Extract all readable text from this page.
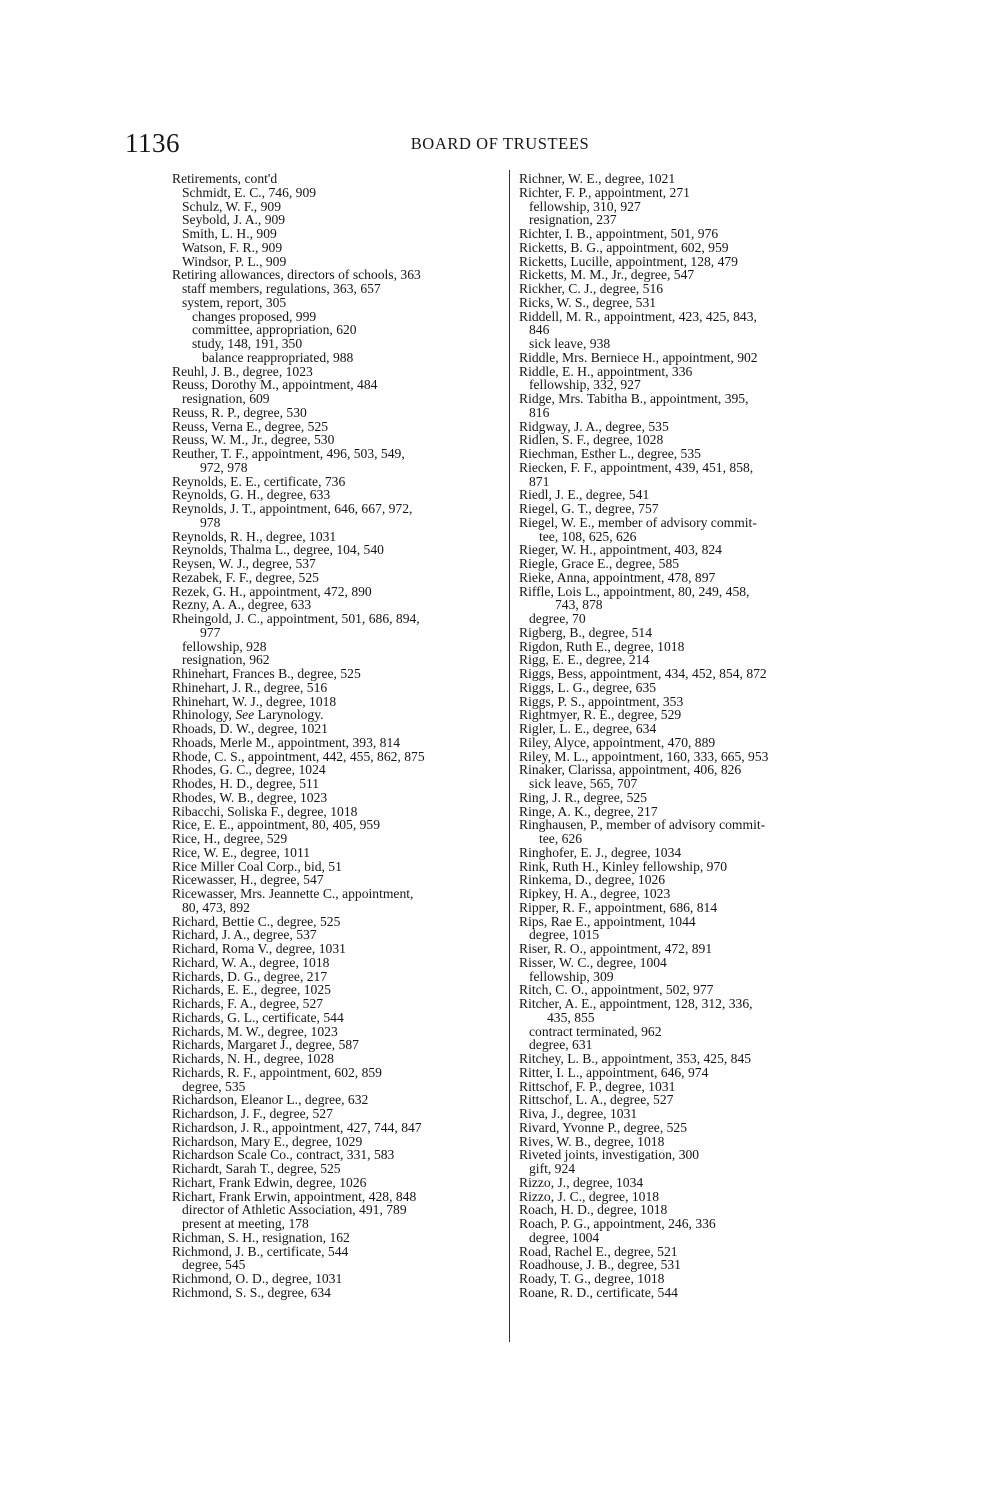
1136	BOARD OF TRUSTEES
Retirements, cont'd
Schmidt, E. C., 746, 909
Schulz, W. F., 909
Seybold, J. A., 909
Smith, L. H., 909
Watson, F. R., 909
Windsor, P. L., 909
Retiring allowances, directors of schools, 363
staff members, regulations, 363, 657
system, report, 305
changes proposed, 999
committee, appropriation, 620
study, 148, 191, 350
balance reappropriated, 988
Reuhl, J. B., degree, 1023
Reuss, Dorothy M., appointment, 484
resignation, 609
Reuss, R. P., degree, 530
Reuss, Verna E., degree, 525
Reuss, W. M., Jr., degree, 530
Reuther, T. F., appointment, 496, 503, 549,
972, 978
Reynolds, E. E., certificate, 736
Reynolds, G. H., degree, 633
Reynolds, J. T., appointment, 646, 667, 972,
978
Reynolds, R. H., degree, 1031
Reynolds, Thalma L., degree, 104, 540
Reysen, W. J., degree, 537
Rezabek, F. F., degree, 525
Rezek, G. H., appointment, 472, 890
Rezny, A. A., degree, 633
Rheingold, J. C., appointment, 501, 686, 894,
977
fellowship, 928
resignation, 962
Rhinehart, Frances B., degree, 525
Rhinehart, J. R., degree, 516
Rhinehart, W. J., degree, 1018
Rhinology, See Larynology.
Rhoads, D. W., degree, 1021
Rhoads, Merle M., appointment, 393, 814
Rhode, C. S., appointment, 442, 455, 862, 875
Rhodes, G. C., degree, 1024
Rhodes, H. D., degree, 511
Rhodes, W. B., degree, 1023
Ribacchi, Soliska F., degree, 1018
Rice, E. E., appointment, 80, 405, 959
Rice, H., degree, 529
Rice, W. E., degree, 1011
Rice Miller Coal Corp., bid, 51
Ricewasser, H., degree, 547
Ricewasser, Mrs. Jeannette C., appointment,
80, 473, 892
Richard, Bettie C., degree, 525
Richard, J. A., degree, 537
Richard, Roma V., degree, 1031
Richard, W. A., degree, 1018
Richards, D. G., degree, 217
Richards, E. E., degree, 1025
Richards, F. A., degree, 527
Richards, G. L., certificate, 544
Richards, M. W., degree, 1023
Richards, Margaret J., degree, 587
Richards, N. H., degree, 1028
Richards, R. F., appointment, 602, 859
degree, 535
Richardson, Eleanor L., degree, 632
Richardson, J. F., degree, 527
Richardson, J. R., appointment, 427, 744, 847
Richardson, Mary E., degree, 1029
Richardson Scale Co., contract, 331, 583
Richardt, Sarah T., degree, 525
Richart, Frank Edwin, degree, 1026
Richart, Frank Erwin, appointment, 428, 848
director of Athletic Association, 491, 789
present at meeting, 178
Richman, S. H., resignation, 162
Richmond, J. B., certificate, 544
degree, 545
Richmond, O. D., degree, 1031
Richmond, S. S., degree, 634
Richner, W. E., degree, 1021
Richter, F. P., appointment, 271
fellowship, 310, 927
resignation, 237
Richter, I. B., appointment, 501, 976
Ricketts, B. G., appointment, 602, 959
Ricketts, Lucille, appointment, 128, 479
Ricketts, M. M., Jr., degree, 547
Rickher, C. J., degree, 516
Ricks, W. S., degree, 531
Riddell, M. R., appointment, 423, 425, 843,
846
sick leave, 938
Riddle, Mrs. Berniece H., appointment, 902
Riddle, E. H., appointment, 336
fellowship, 332, 927
Ridge, Mrs. Tabitha B., appointment, 395,
816
Ridgway, J. A., degree, 535
Ridlen, S. F., degree, 1028
Riechman, Esther L., degree, 535
Riecken, F. F., appointment, 439, 451, 858,
871
Riedl, J. E., degree, 541
Riegel, G. T., degree, 757
Riegel, W. E., member of advisory commit-
tee, 108, 625, 626
Rieger, W. H., appointment, 403, 824
Riegle, Grace E., degree, 585
Rieke, Anna, appointment, 478, 897
Riffle, Lois L., appointment, 80, 249, 458,
743, 878
degree, 70
Rigberg, B., degree, 514
Rigdon, Ruth E., degree, 1018
Rigg, E. E., degree, 214
Riggs, Bess, appointment, 434, 452, 854, 872
Riggs, L. G., degree, 635
Riggs, P. S., appointment, 353
Rightmyer, R. E., degree, 529
Rigler, L. E., degree, 634
Riley, Alyce, appointment, 470, 889
Riley, M. L., appointment, 160, 333, 665, 953
Rinaker, Clarissa, appointment, 406, 826
sick leave, 565, 707
Ring, J. R., degree, 525
Ringe, A. K., degree, 217
Ringhausen, P., member of advisory commit-
tee, 626
Ringhofer, E. J., degree, 1034
Rink, Ruth H., Kinley fellowship, 970
Rinkema, D., degree, 1026
Ripkey, H. A., degree, 1023
Ripper, R. F., appointment, 686, 814
Rips, Rae E., appointment, 1044
degree, 1015
Riser, R. O., appointment, 472, 891
Risser, W. C., degree, 1004
fellowship, 309
Ritch, C. O., appointment, 502, 977
Ritcher, A. E., appointment, 128, 312, 336,
435, 855
contract terminated, 962
degree, 631
Ritchey, L. B., appointment, 353, 425, 845
Ritter, I. L., appointment, 646, 974
Rittschof, F. P., degree, 1031
Rittschof, L. A., degree, 527
Riva, J., degree, 1031
Rivard, Yvonne P., degree, 525
Rives, W. B., degree, 1018
Riveted joints, investigation, 300
gift, 924
Rizzo, J., degree, 1034
Rizzo, J. C., degree, 1018
Roach, H. D., degree, 1018
Roach, P. G., appointment, 246, 336
degree, 1004
Road, Rachel E., degree, 521
Roadhouse, J. B., degree, 531
Roady, T. G., degree, 1018
Roane, R. D., certificate, 544
